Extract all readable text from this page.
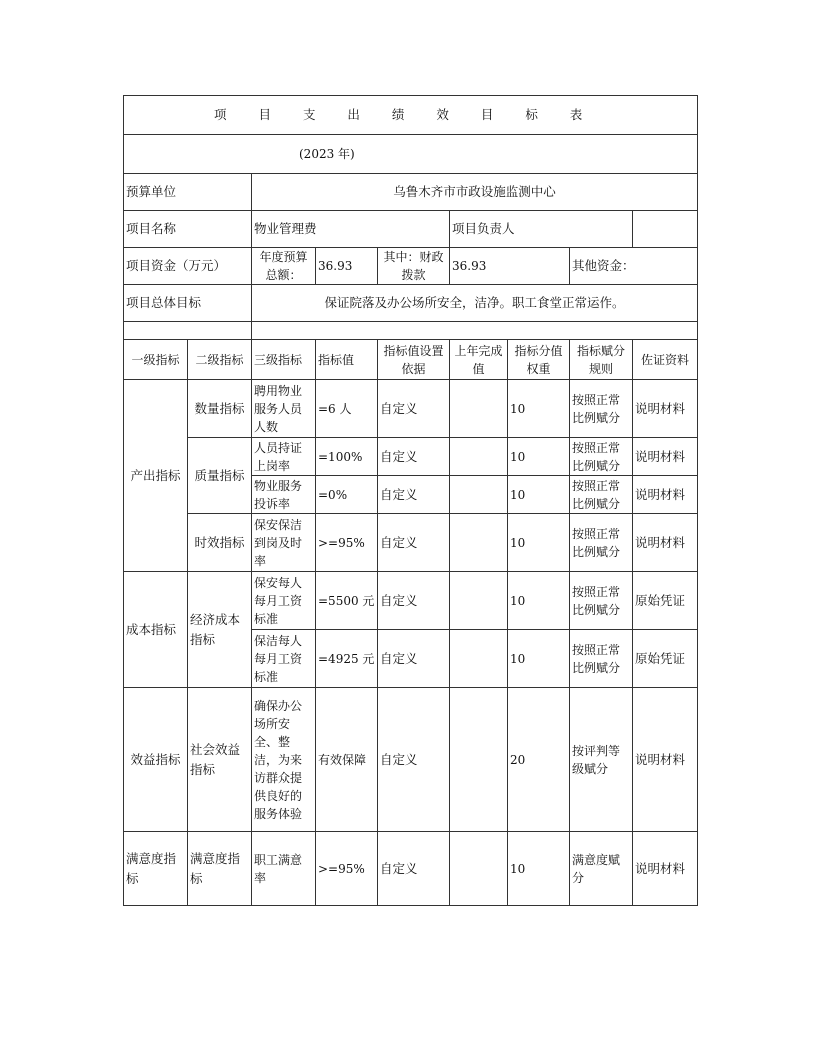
项 目 支 出 绩 效 目 标 表								
(2023 年)								
预算单位		乌鲁木齐市市政设施监测中心						
项目名称		物业管理费			项目负责人			
项目资金（万元）		年度预算总额：	36.93	其中：财政拨款	36.93		其他资金：	
项目总体目标		保证院落及办公场所安全，洁净。职工食堂正常运作。						

一级指标	二级指标	三级指标	指标值	指标值设置依据	上年完成值	指标分值权重	指标赋分规则	佐证资料
产出指标	数量指标	聘用物业服务人员人数	=6 人	自定义		10	按照正常比例赋分	说明材料
	质量指标	人员持证上岗率	=100%	自定义		10	按照正常比例赋分	说明材料
		物业服务投诉率	=0%	自定义		10	按照正常比例赋分	说明材料
	时效指标	保安保洁到岗及时率	>=95%	自定义		10	按照正常比例赋分	说明材料
成本指标	经济成本指标	保安每人每月工资标准	=5500 元	自定义		10	按照正常比例赋分	原始凭证
		保洁每人每月工资标准	=4925 元	自定义		10	按照正常比例赋分	原始凭证
效益指标	社会效益指标	确保办公场所安全、整洁，为来访群众提供良好的服务体验	有效保障	自定义		20	按评判等级赋分	说明材料
满意度指标	满意度指标	职工满意率	>=95%	自定义		10	满意度赋分	说明材料
